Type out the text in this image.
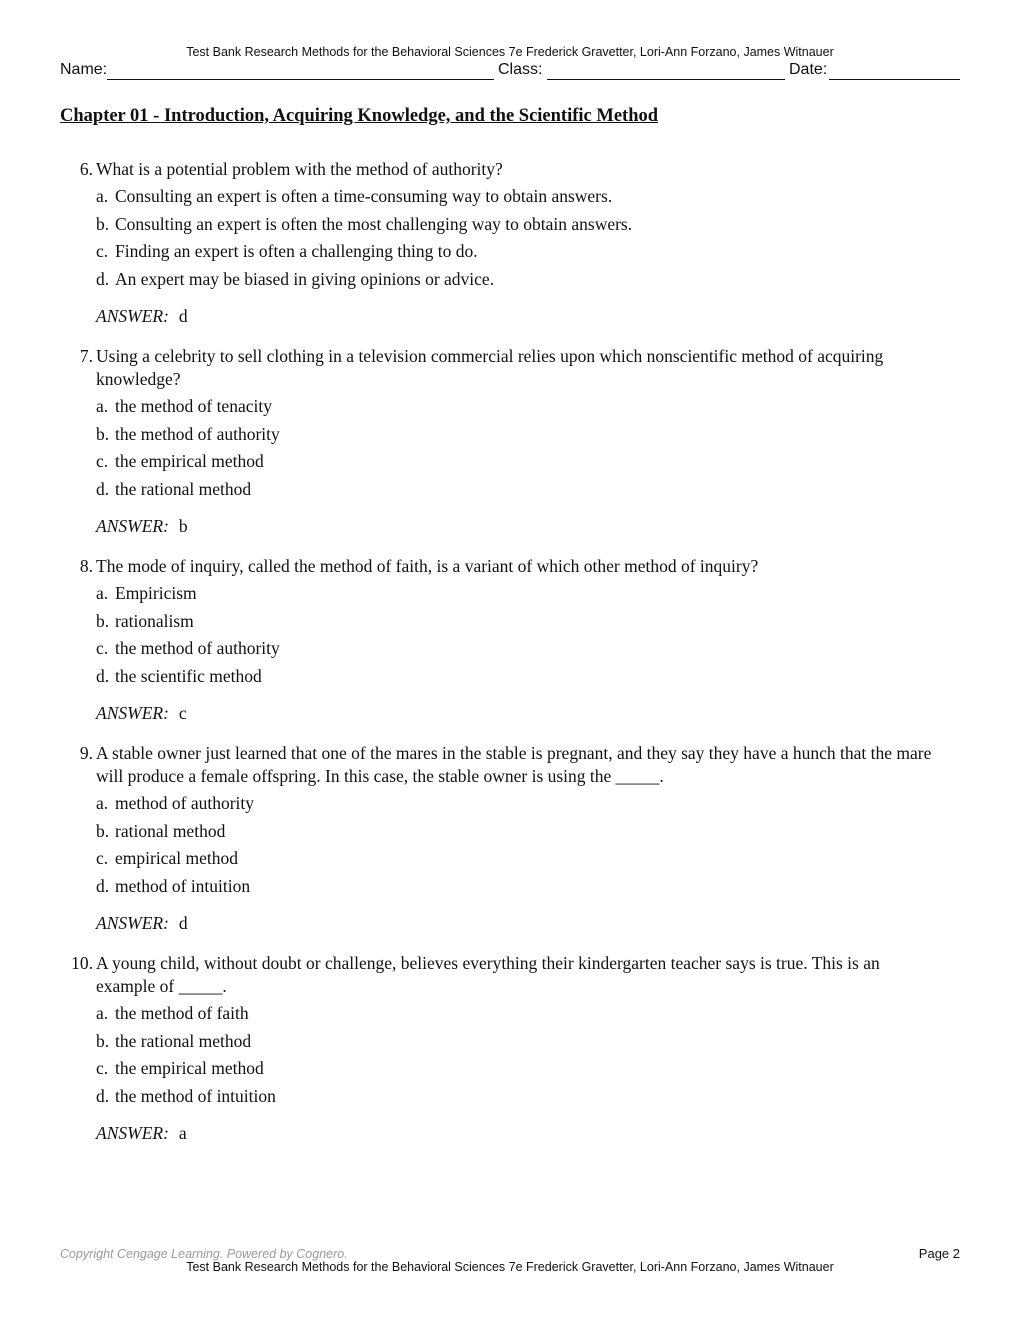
Test Bank Research Methods for the Behavioral Sciences 7e Frederick Gravetter, Lori-Ann Forzano, James Witnauer
Name:	Class:	Date:
Chapter 01 - Introduction, Acquiring Knowledge, and the Scientific Method
6. What is a potential problem with the method of authority?
a. Consulting an expert is often a time-consuming way to obtain answers.
b. Consulting an expert is often the most challenging way to obtain answers.
c. Finding an expert is often a challenging thing to do.
d. An expert may be biased in giving opinions or advice.
ANSWER: d
7. Using a celebrity to sell clothing in a television commercial relies upon which nonscientific method of acquiring knowledge?
a. the method of tenacity
b. the method of authority
c. the empirical method
d. the rational method
ANSWER: b
8. The mode of inquiry, called the method of faith, is a variant of which other method of inquiry?
a. Empiricism
b. rationalism
c. the method of authority
d. the scientific method
ANSWER: c
9. A stable owner just learned that one of the mares in the stable is pregnant, and they say they have a hunch that the mare will produce a female offspring. In this case, the stable owner is using the _____.
a. method of authority
b. rational method
c. empirical method
d. method of intuition
ANSWER: d
10. A young child, without doubt or challenge, believes everything their kindergarten teacher says is true. This is an example of _____.
a. the method of faith
b. the rational method
c. the empirical method
d. the method of intuition
ANSWER: a
Copyright Cengage Learning. Powered by Cognero.	Page 2
Test Bank Research Methods for the Behavioral Sciences 7e Frederick Gravetter, Lori-Ann Forzano, James Witnauer
